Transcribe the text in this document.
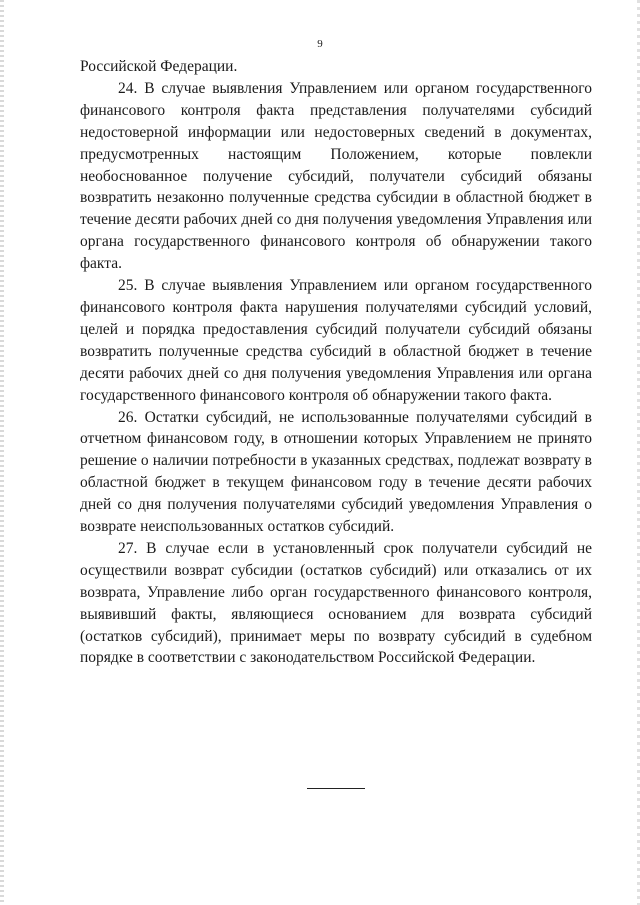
9

Российской Федерации.

24. В случае выявления Управлением или органом государственного финансового контроля факта представления получателями субсидий недостоверной информации или недостоверных сведений в документах, предусмотренных настоящим Положением, которые повлекли необоснованное получение субсидий, получатели субсидий обязаны возвратить незаконно полученные средства субсидии в областной бюджет в течение десяти рабочих дней со дня получения уведомления Управления или органа государственного финансового контроля об обнаружении такого факта.

25. В случае выявления Управлением или органом государственного финансового контроля факта нарушения получателями субсидий условий, целей и порядка предоставления субсидий получатели субсидий обязаны возвратить полученные средства субсидий в областной бюджет в течение десяти рабочих дней со дня получения уведомления Управления или органа государственного финансового контроля об обнаружении такого факта.

26. Остатки субсидий, не использованные получателями субсидий в отчетном финансовом году, в отношении которых Управлением не принято решение о наличии потребности в указанных средствах, подлежат возврату в областной бюджет в текущем финансовом году в течение десяти рабочих дней со дня получения получателями субсидий уведомления Управления о возврате неиспользованных остатков субсидий.

27. В случае если в установленный срок получатели субсидий не осуществили возврат субсидии (остатков субсидий) или отказались от их возврата, Управление либо орган государственного финансового контроля, выявивший факты, являющиеся основанием для возврата субсидий (остатков субсидий), принимает меры по возврату субсидий в судебном порядке в соответствии с законодательством Российской Федерации.
